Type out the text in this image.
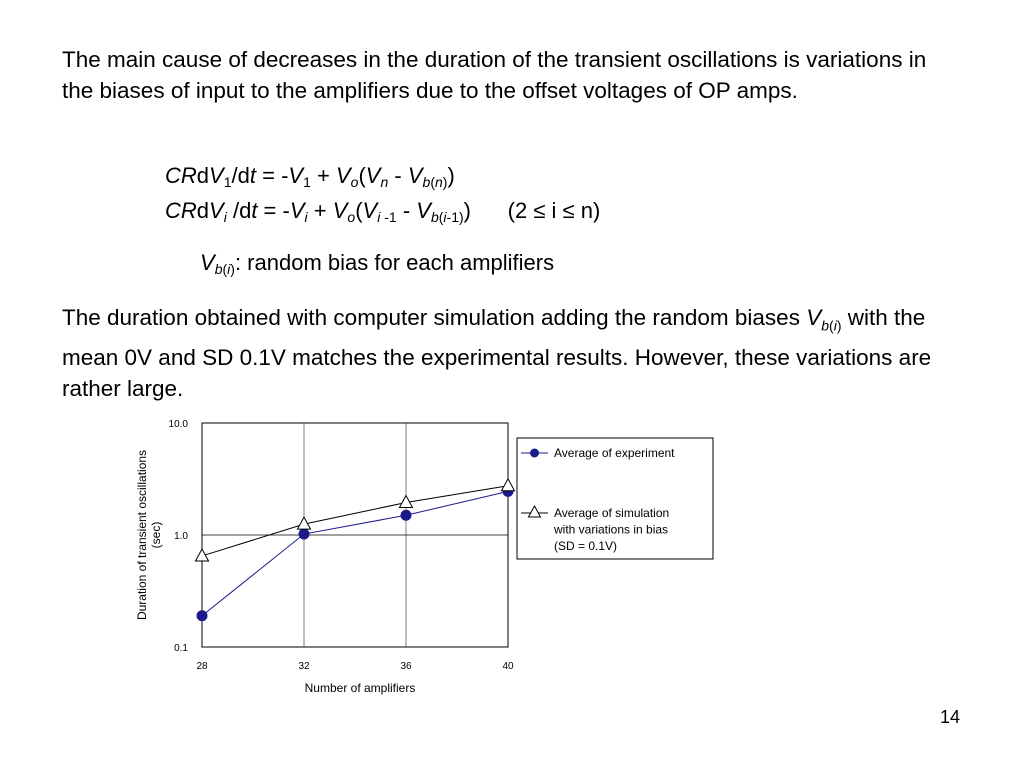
The main cause of decreases in the duration of the transient oscillations is variations in the biases of input to the amplifiers due to the offset voltages of OP amps.

CRdV$_1$/dt = $-V_1 + V_o(V_n - V_{b(n)})$
CRdV$_i$ $/dt = -V_i + V_o(V_i$ $_{-1} - V_{b(i-1)}$)      (2 ≤ i ≤ n)
$V_{b(i)}$: random bias for each amplifiers

The duration obtained with computer simulation adding the random biases $V_{b(i)}$ with the mean 0V and SD 0.1V matches the experimental results. However, these variations are rather large.

10.0
1.0
0.1
28	32	36	40
Number of amplifiers
Duration of transient oscillations (sec)
Average of experiment
Average of simulation
with variations in bias
(SD = 0.1V)
14
